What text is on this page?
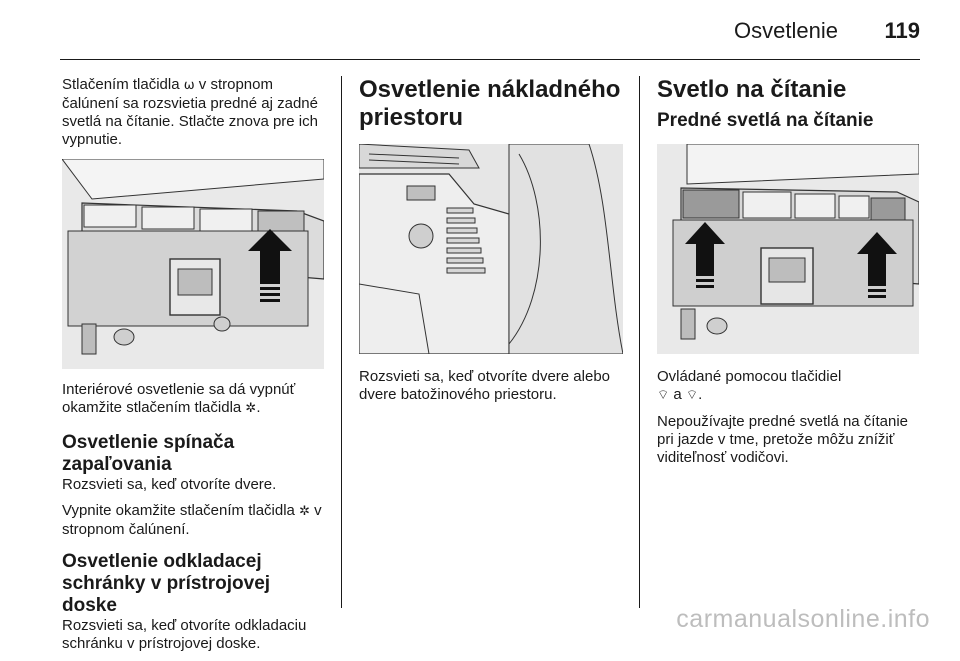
Osvetlenie 119

Stlačením tlačidla ⍵ v stropnom čalúnení sa rozsvietia predné aj zadné svetlá na čítanie. Stlačte znova pre ich vypnutie.

Interiérové osvetlenie sa dá vypnúť okamžite stlačením tlačidla ✲.

Osvetlenie spínača zapaľovania

Rozsvieti sa, keď otvoríte dvere.

Vypnite okamžite stlačením tlačidla ✲ v stropnom čalúnení.

Osvetlenie odkladacej schránky v prístrojovej doske

Rozsvieti sa, keď otvoríte odkladaciu schránku v prístrojovej doske.

Osvetlenie nákladného priestoru

Rozsvieti sa, keď otvoríte dvere alebo dvere batožinového priestoru.

Svetlo na čítanie
Predné svetlá na čítanie

Ovládané pomocou tlačidiel
⌔ a ⌔.

Nepoužívajte predné svetlá na čítanie pri jazde v tme, pretože môžu znížiť viditeľnosť vodičovi.

carmanualsonline.info
